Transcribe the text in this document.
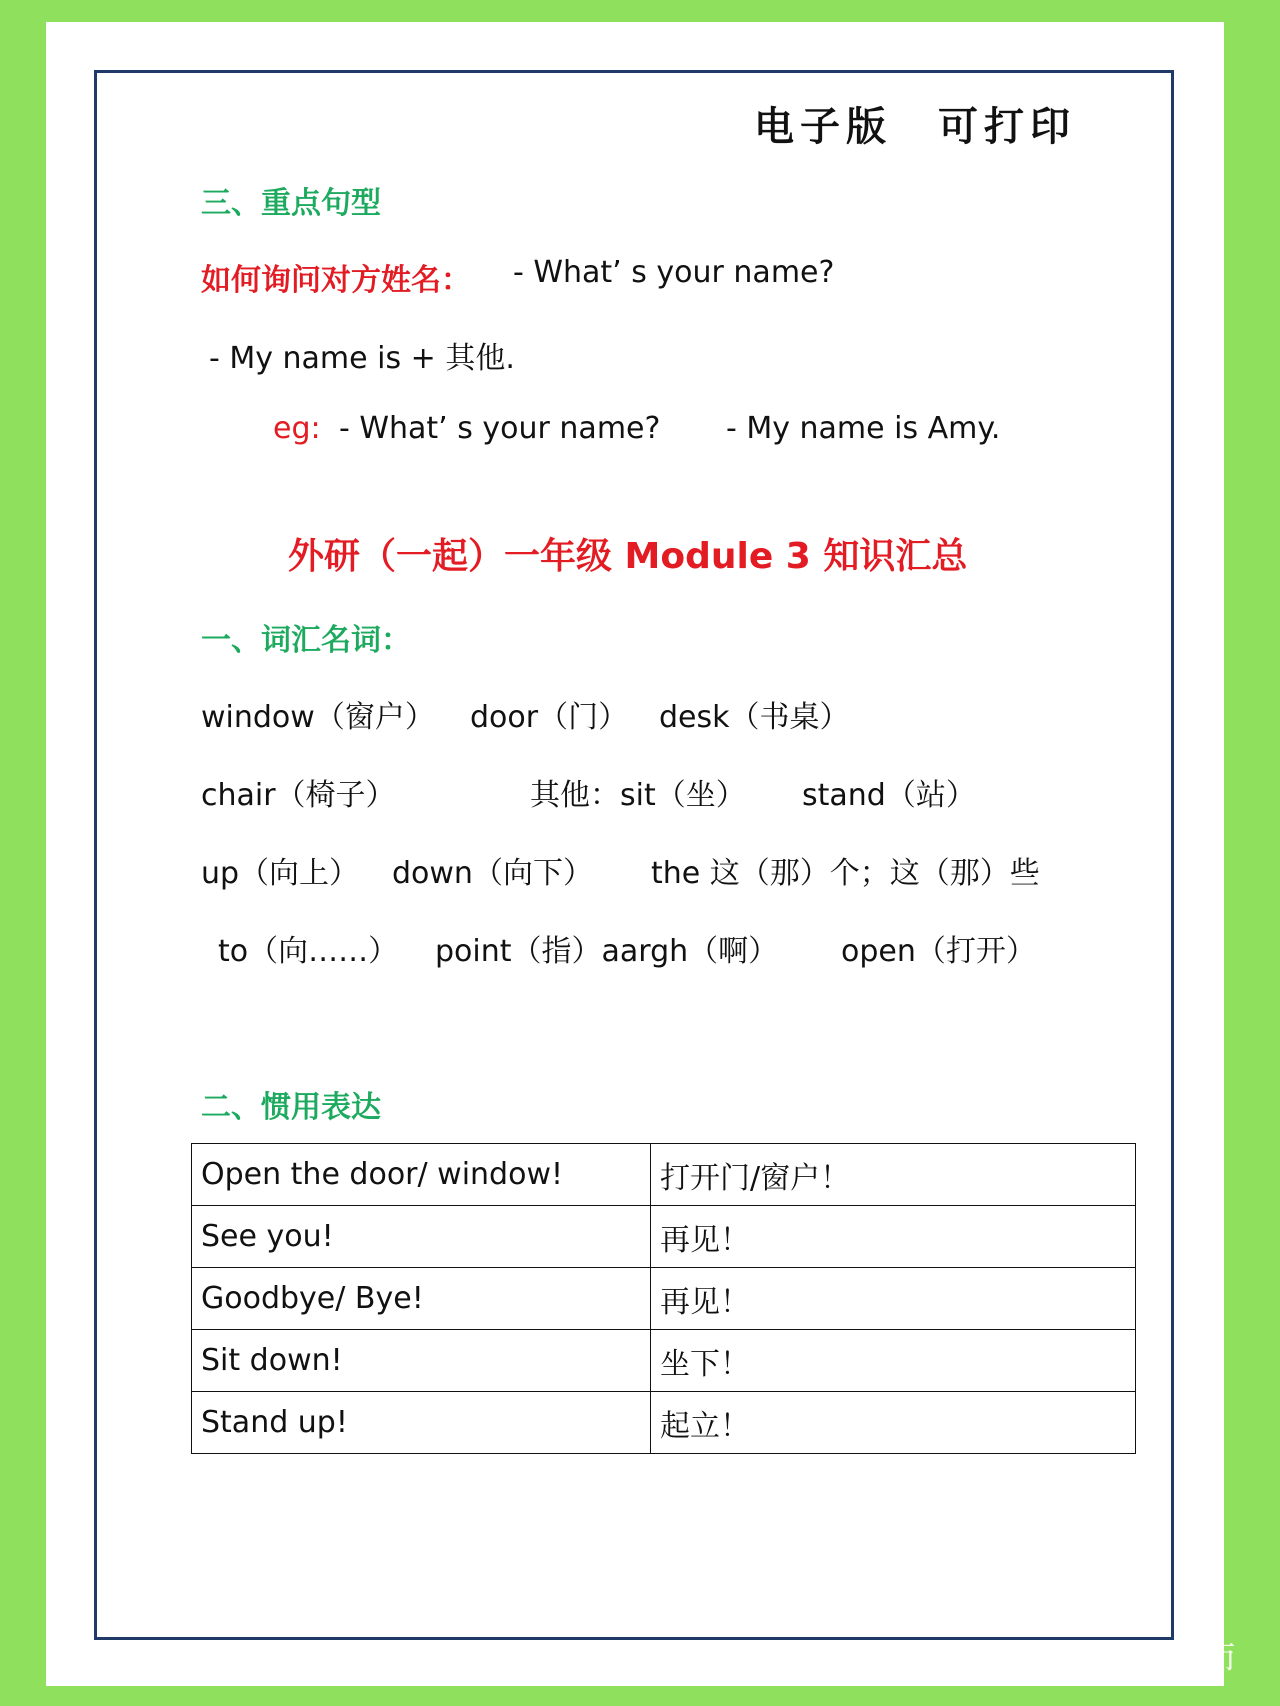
电子版　可打印
三、重点句型
如何询问对方姓名： - What’ s your name?
- My name is + 其他.
eg: - What’ s your name? - My name is Amy.
外研（一起）一年级 Module 3 知识汇总
一、词汇名词：
window（窗户） door（门） desk（书桌）
chair（椅子）	其他：sit（坐） stand（站）
up（向上） down（向下） the 这（那）个；这（那）些
to（向……） point（指）aargh（啊） open（打开）
二、惯用表达
Open the door/ window!	打开门/窗户！
See you!	再见！
Goodbye/ Bye!	再见！
Sit down!	坐下！
Stand up!	起立！
知乎 @天天老师
